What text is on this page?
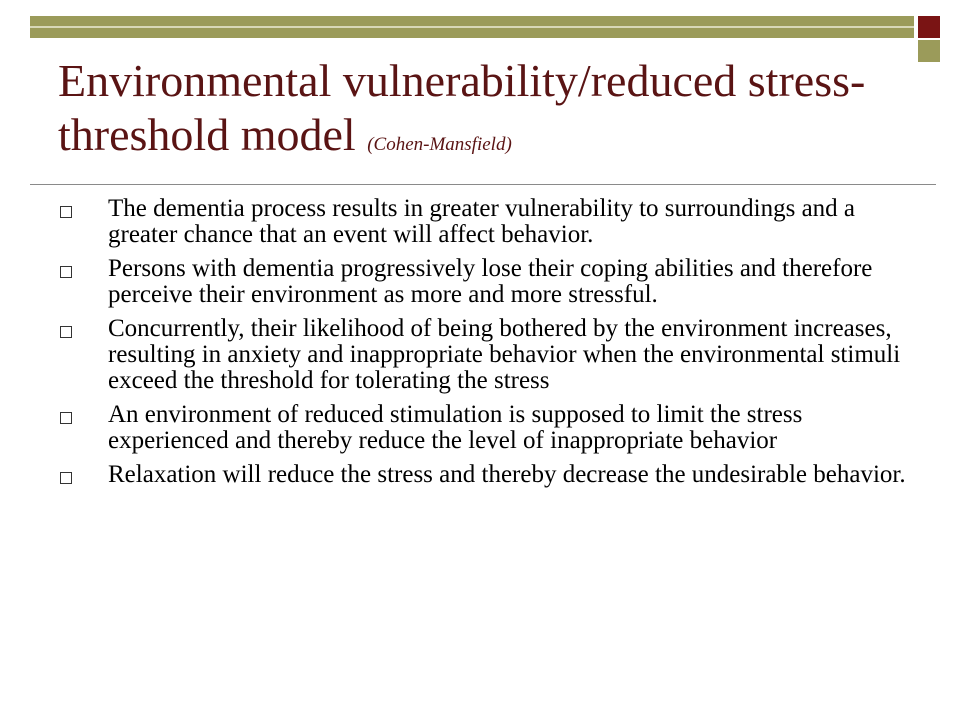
Environmental vulnerability/reduced stress-threshold model (Cohen-Mansfield)
The dementia process results in greater vulnerability to surroundings and a greater chance that an event will affect behavior.
Persons with dementia progressively lose their coping abilities and therefore perceive their environment as more and more stressful.
Concurrently, their likelihood of being bothered by the environment increases, resulting in anxiety and inappropriate behavior when the environmental stimuli exceed the threshold for tolerating the stress
An environment of reduced stimulation is supposed to limit the stress experienced and thereby reduce the level of inappropriate behavior
Relaxation will reduce the stress and thereby decrease the undesirable behavior.
